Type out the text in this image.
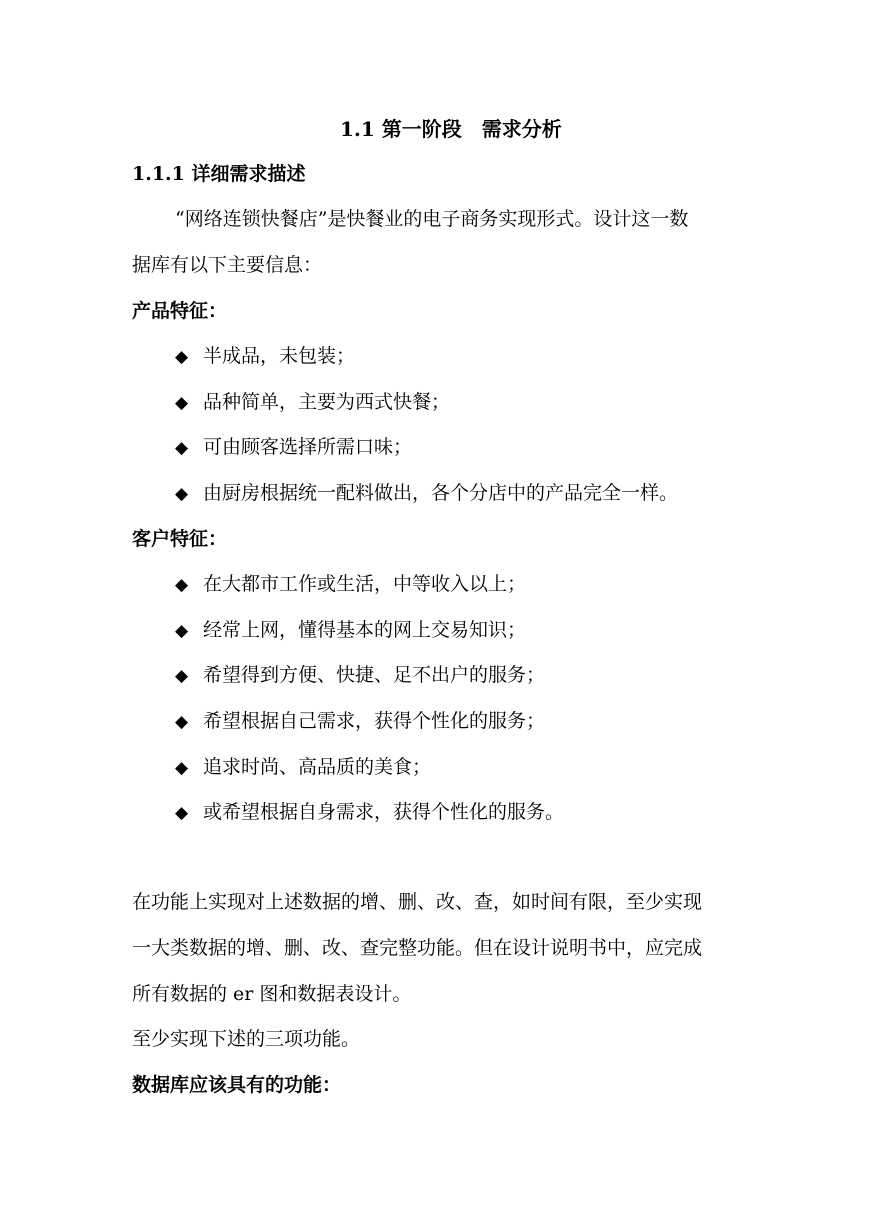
1.1 第一阶段　需求分析
1.1.1 详细需求描述
“网络连锁快餐店”是快餐业的电子商务实现形式。设计这一数
据库有以下主要信息：
产品特征：
◆ 半成品，未包装；
◆ 品种简单，主要为西式快餐；
◆ 可由顾客选择所需口味；
◆ 由厨房根据统一配料做出，各个分店中的产品完全一样。
客户特征：
◆ 在大都市工作或生活，中等收入以上；
◆ 经常上网，懂得基本的网上交易知识；
◆ 希望得到方便、快捷、足不出户的服务；
◆ 希望根据自己需求，获得个性化的服务；
◆ 追求时尚、高品质的美食；
◆ 或希望根据自身需求，获得个性化的服务。
在功能上实现对上述数据的增、删、改、查，如时间有限，至少实现
一大类数据的增、删、改、查完整功能。但在设计说明书中，应完成
所有数据的 er 图和数据表设计。
至少实现下述的三项功能。
数据库应该具有的功能：
